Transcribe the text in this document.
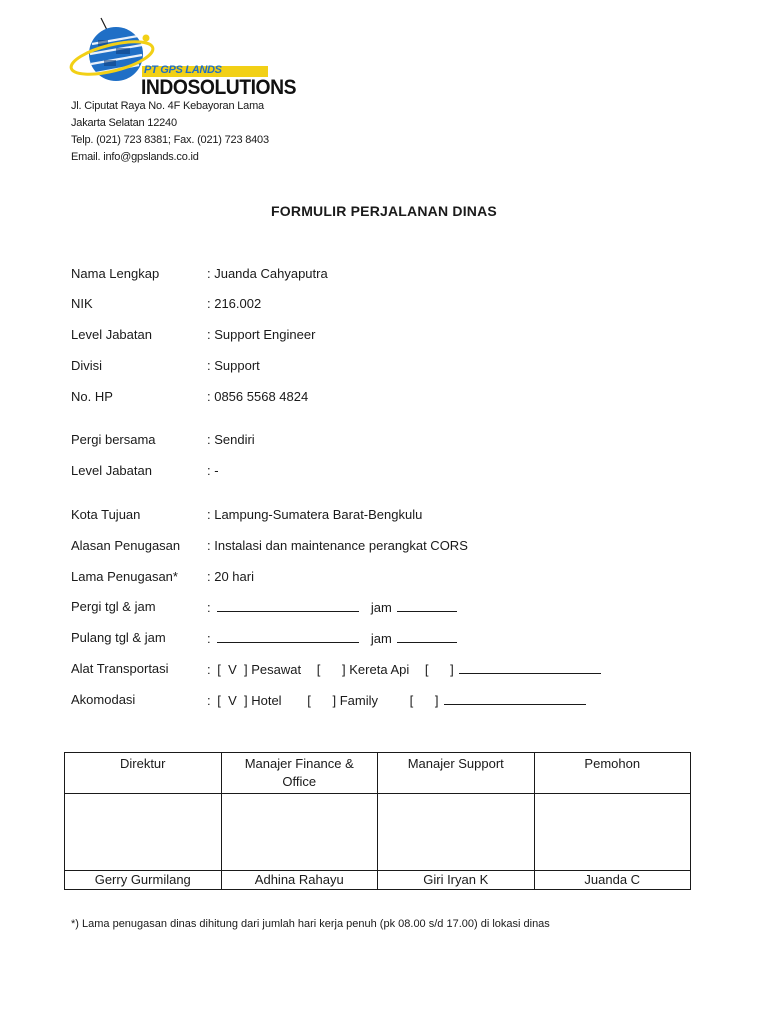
PT GPS LANDS
INDOSOLUTIONS
Jl. Ciputat Raya No. 4F Kebayoran Lama
Jakarta Selatan 12240
Telp. (021) 723 8381; Fax. (021) 723 8403
Email. info@gpslands.co.id
FORMULIR PERJALANAN DINAS
Nama Lengkap	: Juanda Cahyaputra
NIK	: 216.002
Level Jabatan	: Support Engineer
Divisi	: Support
No. HP	: 0856 5568 4824
Pergi bersama	: Sendiri
Level Jabatan	: -
Kota Tujuan	: Lampung-Sumatera Barat-Bengkulu
Alasan Penugasan : Instalasi dan maintenance perangkat CORS
Lama Penugasan* : 20 hari
Pergi tgl & jam	:	jam
Pulang tgl & jam	:	jam
Alat Transportasi	: [  V  ] Pesawat [      ] Kereta Api [      ]
Akomodasi	: [  V  ] Hotel [      ] Family [      ]
Direktur	Manajer Finance & Office	Manajer Support	Pemohon

Gerry Gurmilang	Adhina Rahayu	Giri Iryan K	Juanda C
*) Lama penugasan dinas dihitung dari jumlah hari kerja penuh (pk 08.00 s/d 17.00) di lokasi dinas
